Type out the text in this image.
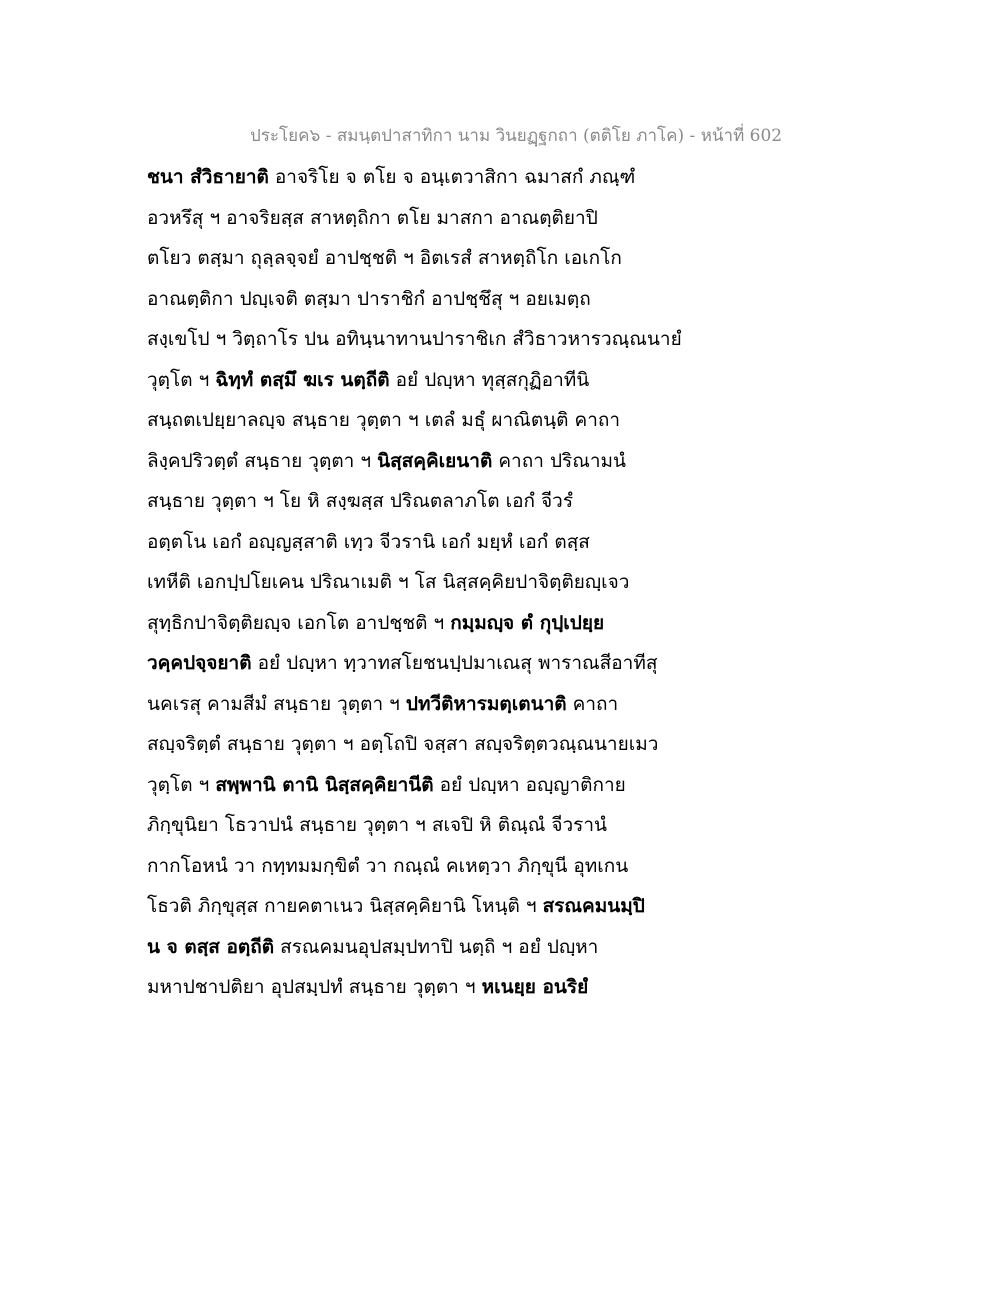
ประโยค๖ - สมนฺตปาสาทิกา นาม วินยฏฺฐกถา (ตติโย ภาโค) - หน้าที่ 602

ชนา สํวิธายาติ อาจริโย จ ตโย จ อนฺเตวาสิกา ฉมาสกํ ภณฺฑํ
อวหรึสุ ฯ อาจริยสฺส สาหตฺถิกา ตโย มาสกา อาณตฺติยาปิ
ตโยว ตสฺมา ถุลฺลจฺจยํ อาปชฺชติ ฯ อิตเรสํ สาหตฺถิโก เอเกโก
อาณตฺติกา ปญฺเจติ ตสฺมา ปาราชิกํ อาปชฺชึสุ ฯ อยเมตฺถ
สงฺเขโป ฯ วิตฺถาโร ปน อทินฺนาทานปาราชิเก สํวิธาวหารวณฺณนายํ
วุตฺโต ฯ ฉิทฺทํ ตสฺมึ ฆเร นตฺถีติ อยํ ปญฺหา ทุสฺสกุฏิอาทีนิ
สนฺถตเปยฺยาลญฺจ สนฺธาย วุตฺตา ฯ เตลํ มธุํ ผาณิตนฺติ คาถา
ลิงฺคปริวตฺตํ สนฺธาย วุตฺตา ฯ นิสฺสคฺคิเยนาติ คาถา ปริณามนํ
สนฺธาย วุตฺตา ฯ โย หิ สงฺฆสฺส ปริณตลาภโต เอกํ จีวรํ
อตฺตโน เอกํ อญฺญสฺสาติ เทฺว จีวรานิ เอกํ มยฺหํ เอกํ ตสฺส
เทหีติ เอกปฺปโยเคน ปริณาเมติ ฯ โส นิสฺสคฺคิยปาจิตฺติยญฺเจว
สุทฺธิกปาจิตฺติยญฺจ เอกโต อาปชฺชติ ฯ กมฺมญฺจ ตํ กุปฺเปยฺย
วคฺคปจฺจยาติ อยํ ปญฺหา ทฺวาทสโยชนปฺปมาเณสุ พาราณสีอาทีสุ
นคเรสุ คามสีมํ สนฺธาย วุตฺตา ฯ ปทวีติหารมตฺเตนาติ คาถา
สญฺจริตฺตํ สนฺธาย วุตฺตา ฯ อตฺโถปิ จสฺสา สญฺจริตฺตวณฺณนายเมว
วุตฺโต ฯ สพฺพานิ ตานิ นิสฺสคฺคิยานีติ อยํ ปญฺหา อญฺญาติกาย
ภิกฺขุนิยา โธวาปนํ สนฺธาย วุตฺตา ฯ สเจปิ หิ ติณฺณํ จีวรานํ
กากโอหนํ วา กทฺทมมกฺขิตํ วา กณฺณํ คเหตฺวา ภิกฺขุนี อุทเกน
โธวติ ภิกฺขุสฺส กายคตาเนว นิสฺสคฺคิยานิ โหนฺติ ฯ สรณคมนมฺปิ
น จ ตสฺส อตฺถีติ สรณคมนอุปสมฺปทาปิ นตฺถิ ฯ อยํ ปญฺหา
มหาปชาปติยา อุปสมฺปทํ สนฺธาย วุตฺตา ฯ หเนยฺย อนริยํ
